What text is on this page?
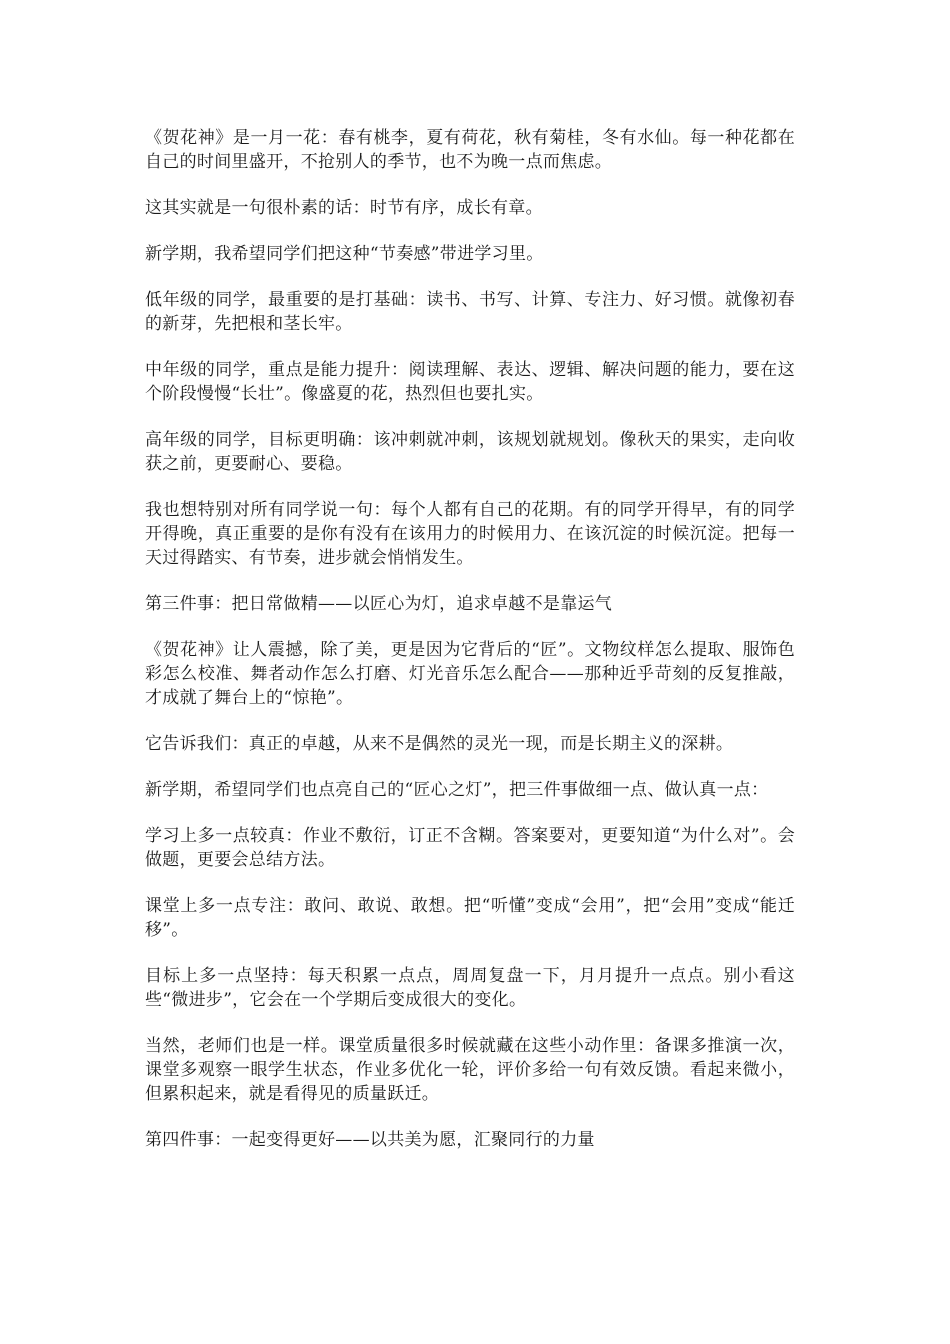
《贺花神》是一月一花：春有桃李，夏有荷花，秋有菊桂，冬有水仙。每一种花都在自己的时间里盛开，不抢别人的季节，也不为晚一点而焦虑。

这其实就是一句很朴素的话：时节有序，成长有章。

新学期，我希望同学们把这种“节奏感”带进学习里。

低年级的同学，最重要的是打基础：读书、书写、计算、专注力、好习惯。就像初春的新芽，先把根和茎长牢。

中年级的同学，重点是能力提升：阅读理解、表达、逻辑、解决问题的能力，要在这个阶段慢慢“长壮”。像盛夏的花，热烈但也要扎实。

高年级的同学，目标更明确：该冲刺就冲刺，该规划就规划。像秋天的果实，走向收获之前，更要耐心、要稳。

我也想特别对所有同学说一句：每个人都有自己的花期。有的同学开得早，有的同学开得晚，真正重要的是你有没有在该用力的时候用力、在该沉淀的时候沉淀。把每一天过得踏实、有节奏，进步就会悄悄发生。

第三件事：把日常做精——以匠心为灯，追求卓越不是靠运气

《贺花神》让人震撼，除了美，更是因为它背后的“匠”。文物纹样怎么提取、服饰色彩怎么校准、舞者动作怎么打磨、灯光音乐怎么配合——那种近乎苛刻的反复推敲，才成就了舞台上的“惊艳”。

它告诉我们：真正的卓越，从来不是偶然的灵光一现，而是长期主义的深耕。

新学期，希望同学们也点亮自己的“匠心之灯”，把三件事做细一点、做认真一点：

学习上多一点较真：作业不敷衍，订正不含糊。答案要对，更要知道“为什么对”。会做题，更要会总结方法。

课堂上多一点专注：敢问、敢说、敢想。把“听懂”变成“会用”，把“会用”变成“能迁移”。

目标上多一点坚持：每天积累一点点，周周复盘一下，月月提升一点点。别小看这些“微进步”，它会在一个学期后变成很大的变化。

当然，老师们也是一样。课堂质量很多时候就藏在这些小动作里：备课多推演一次，课堂多观察一眼学生状态，作业多优化一轮，评价多给一句有效反馈。看起来微小，但累积起来，就是看得见的质量跃迁。

第四件事：一起变得更好——以共美为愿，汇聚同行的力量
